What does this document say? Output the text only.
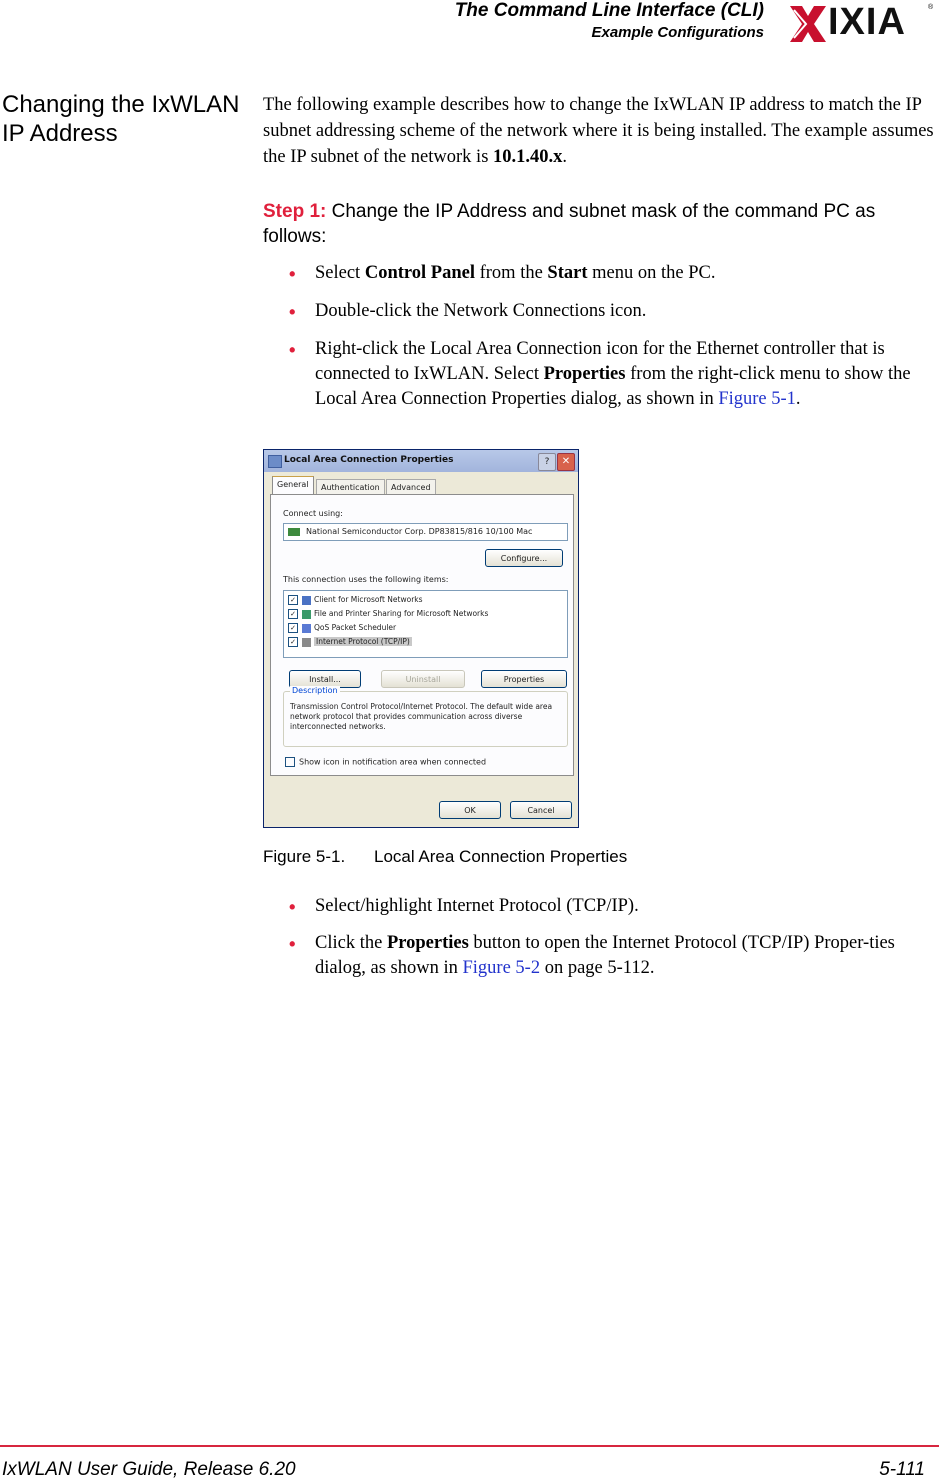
The Command Line Interface (CLI)
Example Configurations IXIA	®
Changing the IxWLAN IP Address
The following example describes how to change the IxWLAN IP address to match the IP subnet addressing scheme of the network where it is being installed. The example assumes the IP subnet of the network is 10.1.40.x.
Step 1: Change the IP Address and subnet mask of the command PC as follows:
• Select Control Panel from the Start menu on the PC.
• Double-click the Network Connections icon.
• Right-click the Local Area Connection icon for the Ethernet controller that is connected to IxWLAN. Select Properties from the right-click menu to show the Local Area Connection Properties dialog, as shown in Figure 5-1.
Local Area Connection Properties	?	✕
General	Authentication	Advanced
Connect using:
National Semiconductor Corp. DP83815/816 10/100 Mac
Configure...
This connection uses the following items:
✓ Client for Microsoft Networks
✓ File and Printer Sharing for Microsoft Networks
✓ QoS Packet Scheduler
✓	Internet Protocol (TCP/IP)
Install...	Uninstall	Properties
Description
Transmission Control Protocol/Internet Protocol. The default wide area network protocol that provides communication across diverse interconnected networks.
Show icon in notification area when connected
OK	Cancel
Figure 5-1. Local Area Connection Properties
• Select/highlight Internet Protocol (TCP/IP).
• Click the Properties button to open the Internet Protocol (TCP/IP) Proper-ties dialog, as shown in Figure 5-2 on page 5-112.
IxWLAN User Guide, Release 6.20	5-111
